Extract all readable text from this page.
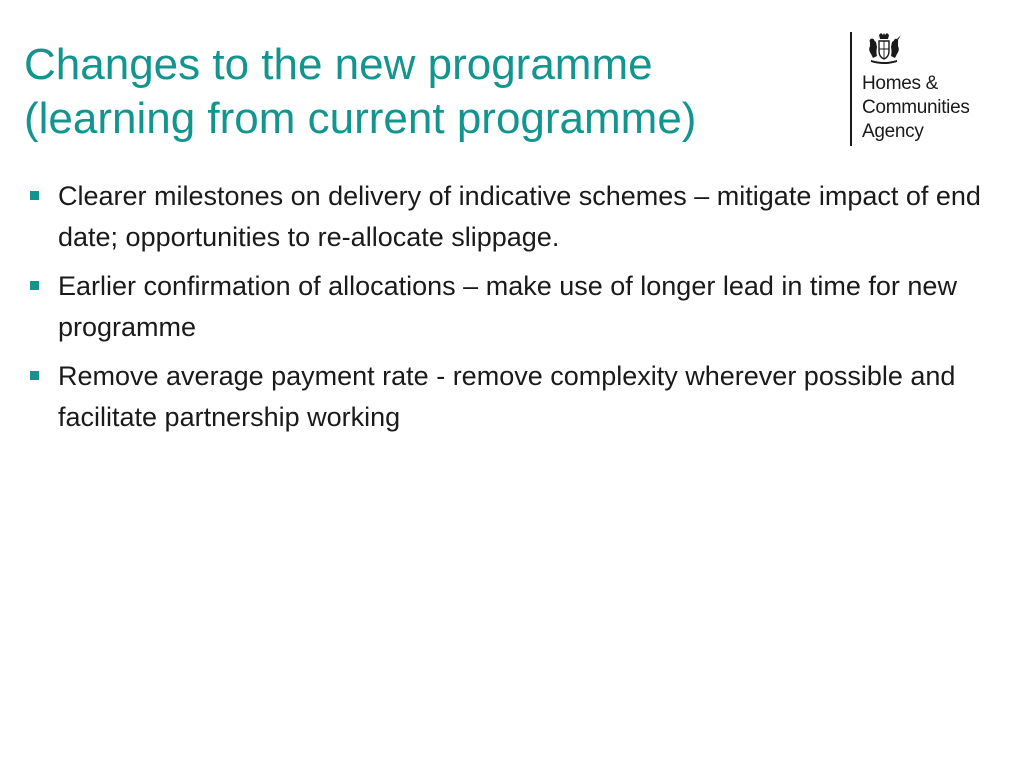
Changes to the new programme
(learning from current programme)
Homes &
Communities
Agency
Clearer milestones on delivery of indicative schemes – mitigate impact of end date; opportunities to re-allocate slippage.
Earlier confirmation of allocations – make use of longer lead in time for new programme
Remove average payment rate - remove complexity wherever possible and facilitate partnership working
